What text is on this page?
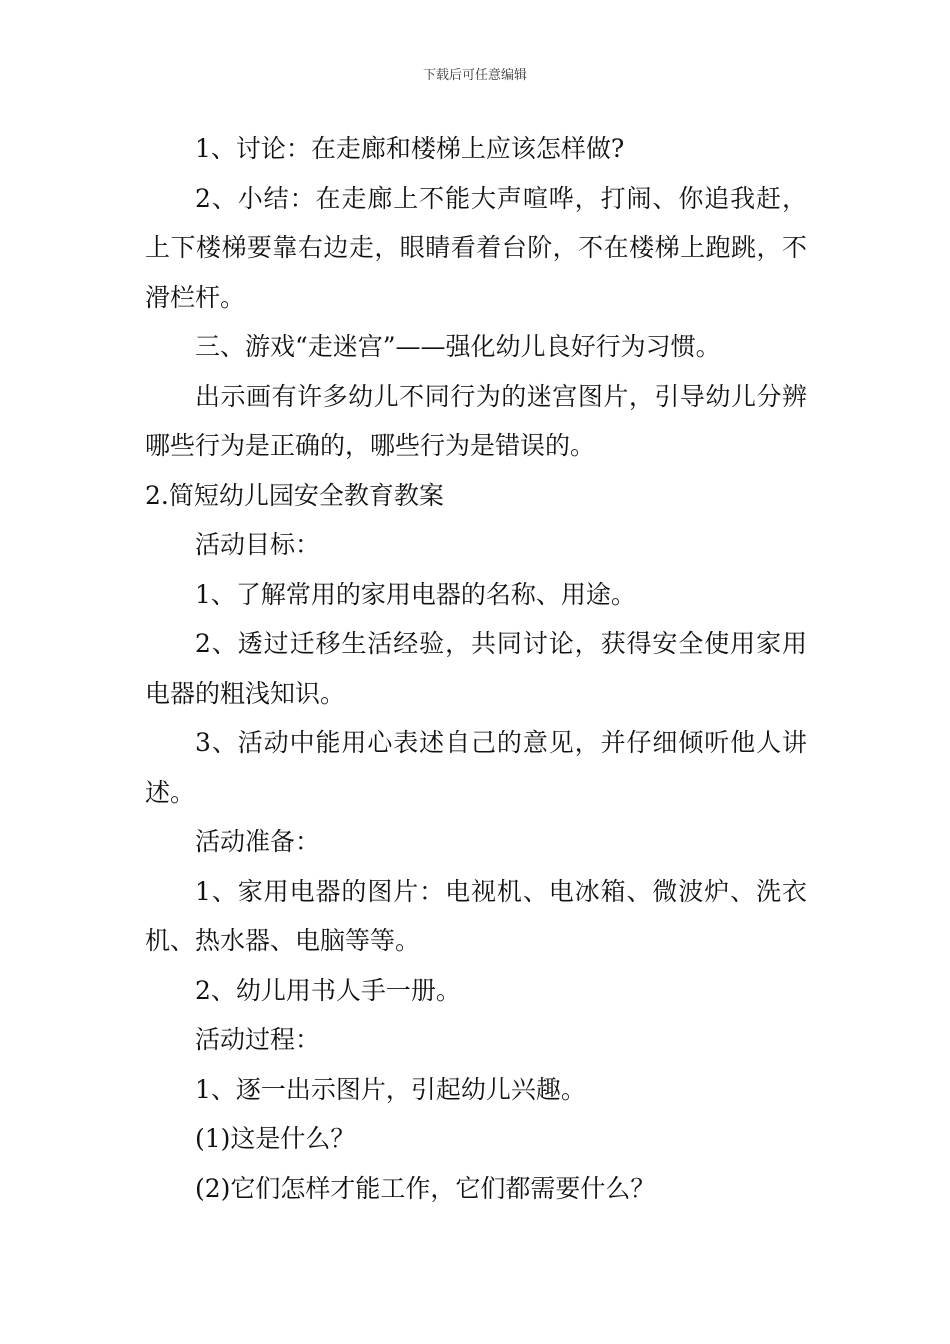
下载后可任意编辑

1、讨论：在走廊和楼梯上应该怎样做?

2、小结：在走廊上不能大声喧哗，打闹、你追我赶，上下楼梯要靠右边走，眼睛看着台阶，不在楼梯上跑跳，不滑栏杆。

三、游戏“走迷宫”——强化幼儿良好行为习惯。

出示画有许多幼儿不同行为的迷宫图片，引导幼儿分辨哪些行为是正确的，哪些行为是错误的。

2.简短幼儿园安全教育教案

活动目标：

1、了解常用的家用电器的名称、用途。

2、透过迁移生活经验，共同讨论，获得安全使用家用电器的粗浅知识。

3、活动中能用心表述自己的意见，并仔细倾听他人讲述。

活动准备：

1、家用电器的图片：电视机、电冰箱、微波炉、洗衣机、热水器、电脑等等。

2、幼儿用书人手一册。

活动过程：

1、逐一出示图片，引起幼儿兴趣。

(1)这是什么？

(2)它们怎样才能工作，它们都需要什么？
